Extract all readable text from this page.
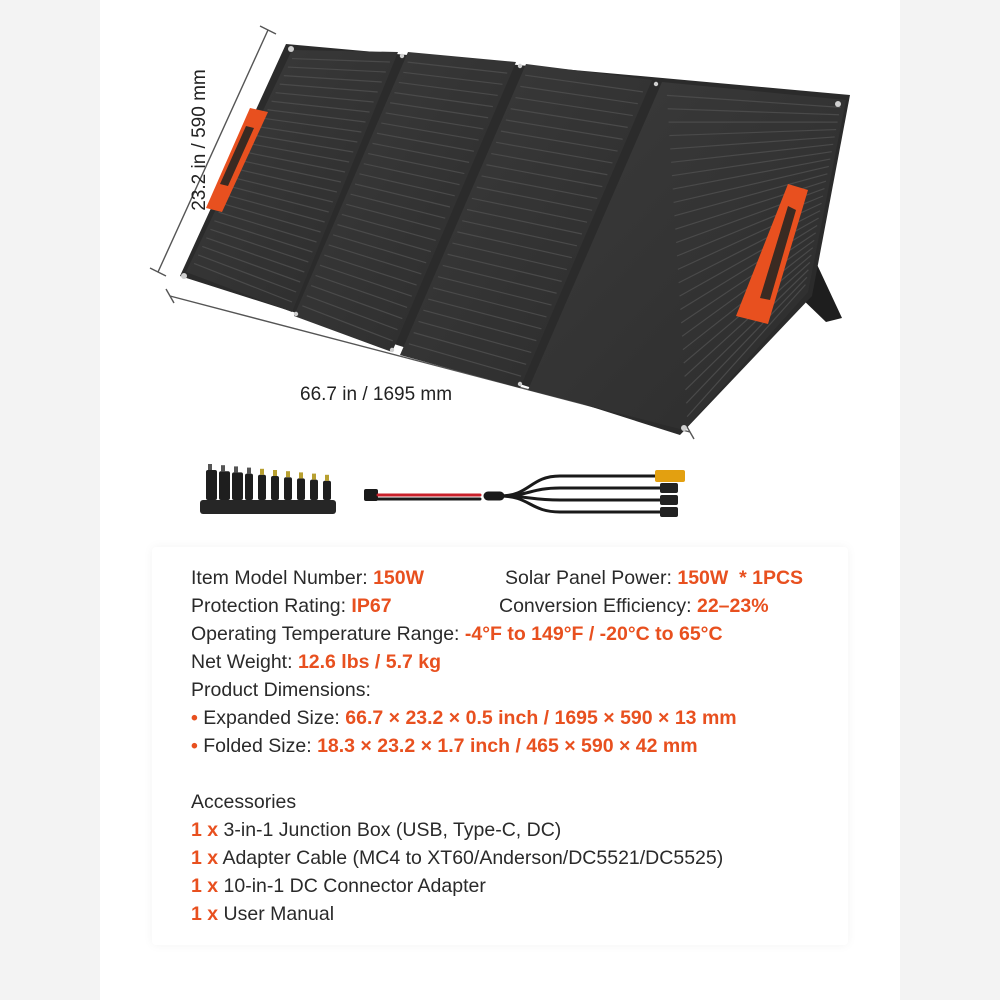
23.2 in / 590 mm
66.7 in / 1695 mm
Item Model Number: 150W	Solar Panel Power: 150W  * 1PCS
Protection Rating: IP67	Conversion Efficiency: 22–23%
Operating Temperature Range: -4°F to 149°F / -20°C to 65°C
Net Weight: 12.6 lbs / 5.7 kg
Product Dimensions:
• Expanded Size: 66.7 × 23.2 × 0.5 inch / 1695 × 590 × 13 mm
• Folded Size: 18.3 × 23.2 × 1.7 inch / 465 × 590 × 42 mm
Accessories
1 x 3-in-1 Junction Box (USB, Type-C, DC)
1 x Adapter Cable (MC4 to XT60/Anderson/DC5521/DC5525)
1 x 10-in-1 DC Connector Adapter
1 x User Manual
